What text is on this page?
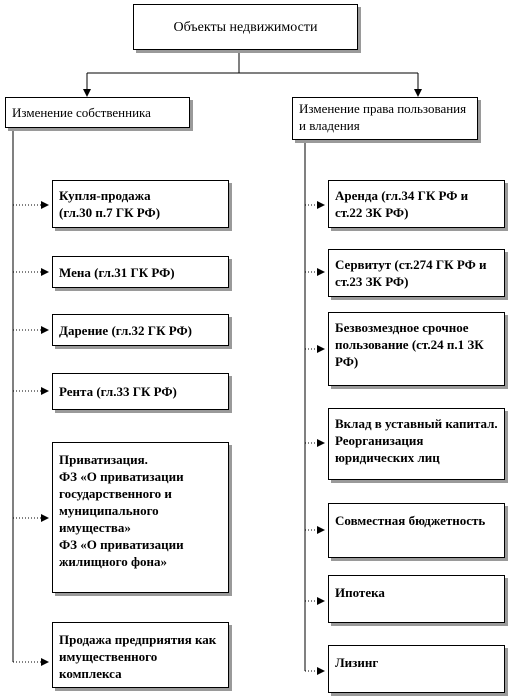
Объекты недвижимости
Изменение собственника	Изменение права пользования и владения
Купля-продажа
(гл.30 п.7 ГК РФ)
Мена (гл.31 ГК РФ)
Дарение (гл.32 ГК РФ)
Рента (гл.33 ГК РФ)
Приватизация.
ФЗ «О приватизации государственного и муниципального имущества»
ФЗ «О приватизации жилищного фона»
Продажа предприятия как имущественного комплекса
Аренда (гл.34 ГК РФ и ст.22 ЗК РФ)
Сервитут (ст.274 ГК РФ и ст.23 ЗК РФ)
Безвозмездное срочное пользование (ст.24 п.1 ЗК РФ)
Вклад в уставный капитал. Реорганизация юридических лиц
Совместная бюджетность
Ипотека
Лизинг
